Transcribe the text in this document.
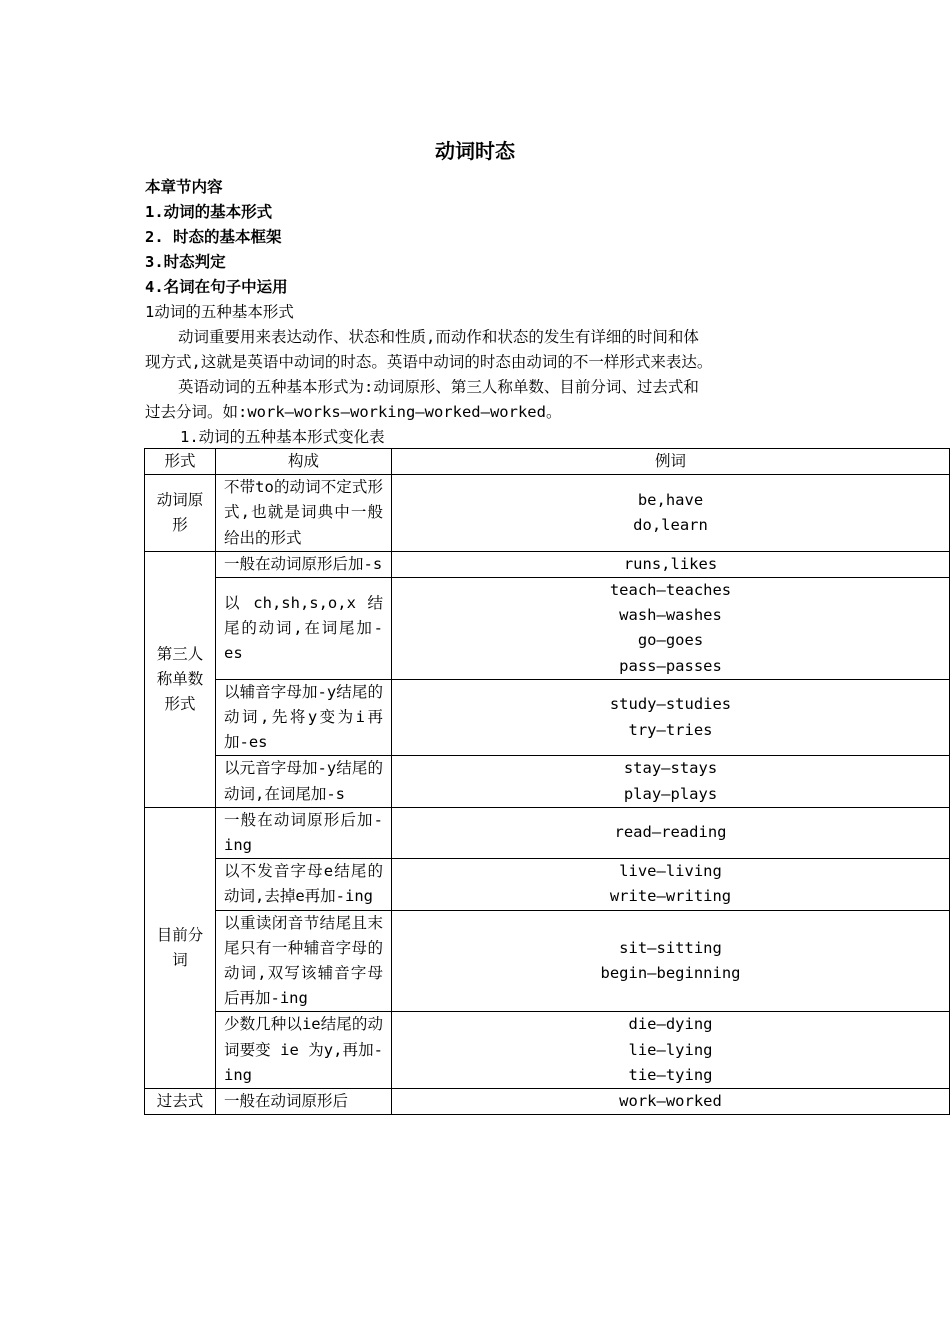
动词时态
本章节内容
1.动词的基本形式
2. 时态的基本框架
3.时态判定
4.名词在句子中运用
1动词的五种基本形式
动词重要用来表达动作、状态和性质,而动作和状态的发生有详细的时间和体
现方式,这就是英语中动词的时态。英语中动词的时态由动词的不一样形式来表达。
英语动词的五种基本形式为:动词原形、第三人称单数、目前分词、过去式和
过去分词。如:work—works—working—worked—worked。
1.动词的五种基本形式变化表
形式	构成	例词
动词原形	不带to的动词不定式形式,也就是词典中一般给出的形式	be,have
do,learn

第三人称单数形式	一般在动词原形后加-s	runs,likes

	以 ch,sh,s,o,x 结尾的动词,在词尾加-es	teach—teaches
wash—washes
go—goes
pass—passes

	以辅音字母加-y结尾的动词,先将y变为i再加-es	study—studies
try—tries

	以元音字母加-y结尾的动词,在词尾加-s	stay—stays
play—plays

目前分词	一般在动词原形后加-ing	read—reading

	以不发音字母e结尾的动词,去掉e再加-ing	live—living
write—writing

	以重读闭音节结尾且末尾只有一种辅音字母的动词,双写该辅音字母后再加-ing	sit—sitting
begin—beginning

	少数几种以ie结尾的动词要变 ie 为y,再加-ing	die—dying
lie—lying
tie—tying

过去式	一般在动词原形后	work—worked
